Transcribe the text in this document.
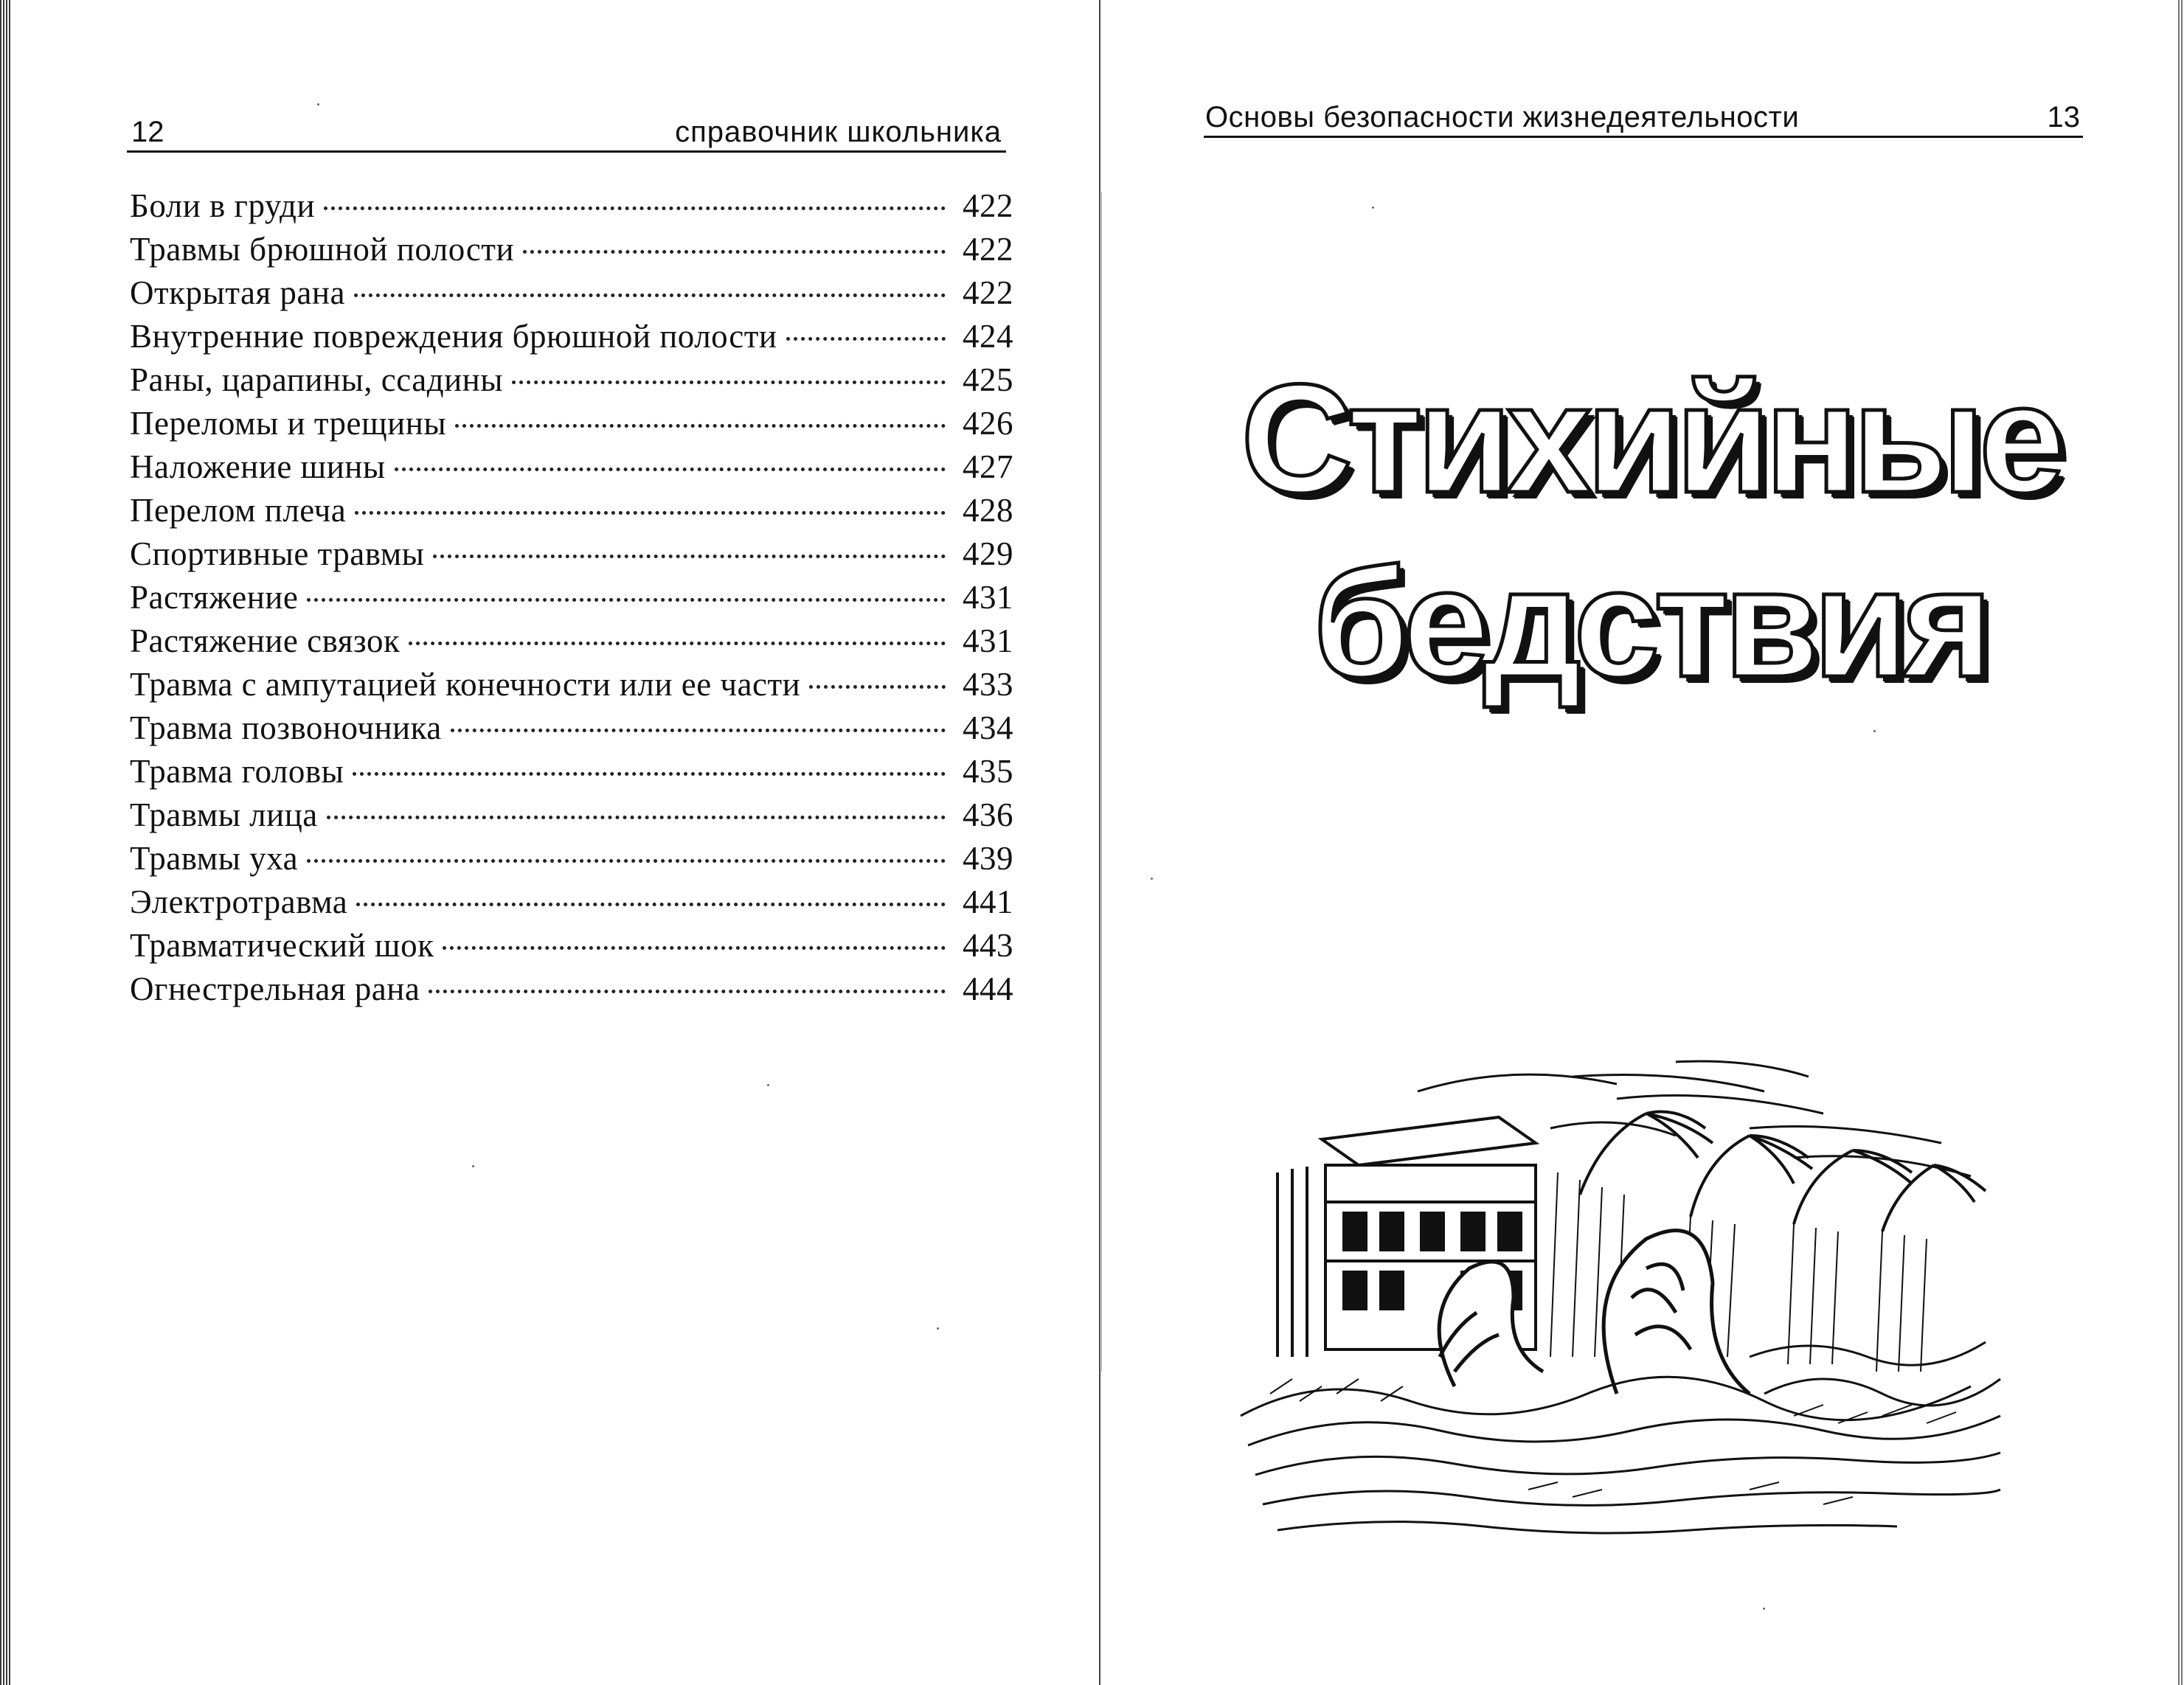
12	справочник школьника
Боли в груди	422
Травмы брюшной полости	422
Открытая рана	422
Внутренние повреждения брюшной полости	424
Раны, царапины, ссадины	425
Переломы и трещины	426
Наложение шины	427
Перелом плеча	428
Спортивные травмы	429
Растяжение	431
Растяжение связок	431
Травма с ампутацией конечности или ее части	433
Травма позвоночника	434
Травма головы	435
Травмы лица	436
Травмы уха	439
Электротравма	441
Травматический шок	443
Огнестрельная рана	444
Основы безопасности жизнедеятельности	13
Стихийные
бедствия
